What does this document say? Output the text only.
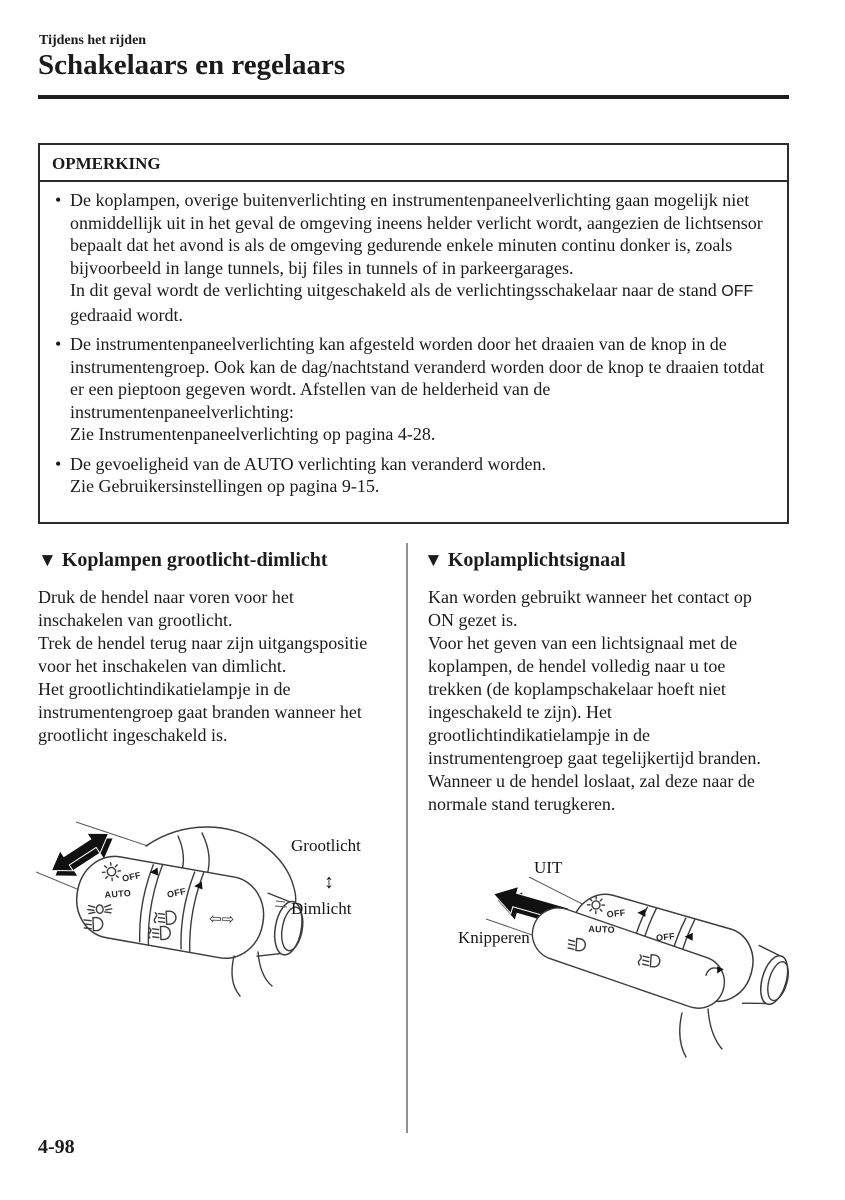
Tijdens het rijden
Schakelaars en regelaars
OPMERKING
• De koplampen, overige buitenverlichting en instrumentenpaneelverlichting gaan mogelijk niet onmiddellijk uit in het geval de omgeving ineens helder verlicht wordt, aangezien de lichtsensor bepaalt dat het avond is als de omgeving gedurende enkele minuten continu donker is, zoals bijvoorbeeld in lange tunnels, bij files in tunnels of in parkeergarages.

In dit geval wordt de verlichting uitgeschakeld als de verlichtingsschakelaar naar de stand OFF gedraaid wordt.

• De instrumentenpaneelverlichting kan afgesteld worden door het draaien van de knop in de instrumentengroep. Ook kan de dag/nachtstand veranderd worden door de knop te draaien totdat er een pieptoon gegeven wordt. Afstellen van de helderheid van de instrumentenpaneelverlichting:

Zie Instrumentenpaneelverlichting op pagina 4-28.

• De gevoeligheid van de AUTO verlichting kan veranderd worden.

Zie Gebruikersinstellingen op pagina 9-15.

▼ Koplampen grootlicht-dimlicht

Druk de hendel naar voren voor het inschakelen van grootlicht.

Trek de hendel terug naar zijn uitgangspositie voor het inschakelen van dimlicht.

Het grootlichtindikatielampje in de instrumentengroep gaat branden wanneer het grootlicht ingeschakeld is.

▼ Koplamplichtsignaal

Kan worden gebruikt wanneer het contact op ON gezet is.

Voor het geven van een lichtsignaal met de koplampen, de hendel volledig naar u toe trekken (de koplampschakelaar hoeft niet ingeschakeld te zijn). Het grootlichtindikatielampje in de instrumentengroep gaat tegelijkertijd branden. Wanneer u de hendel loslaat, zal deze naar de normale stand terugkeren.

OFF
AUTO	OFF
⇦⇨
Grootlicht
↕
Dimlicht
UIT
Knipperen
OFF
AUTO
OFF
4-98
